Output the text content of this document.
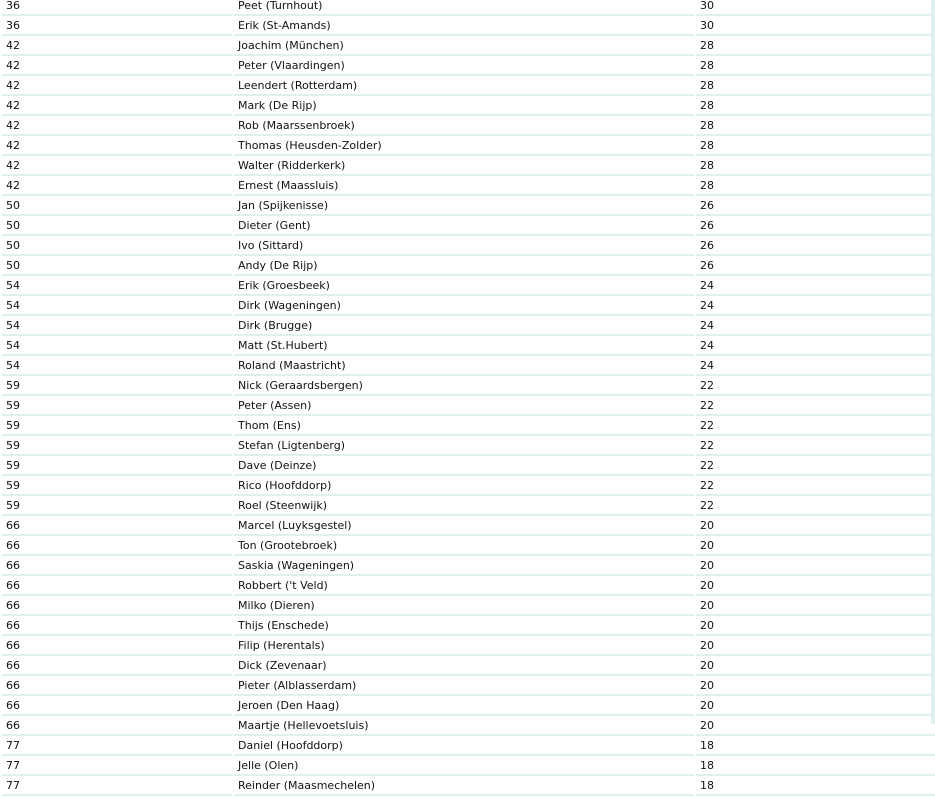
36	Peet (Turnhout)	30
36	Erik (St-Amands)	30
42	Joachim (München)	28
42	Peter (Vlaardingen)	28
42	Leendert (Rotterdam)	28
42	Mark (De Rijp)	28
42	Rob (Maarssenbroek)	28
42	Thomas (Heusden-Zolder)	28
42	Walter (Ridderkerk)	28
42	Ernest (Maassluis)	28
50	Jan (Spijkenisse)	26
50	Dieter (Gent)	26
50	Ivo (Sittard)	26
50	Andy (De Rijp)	26
54	Erik (Groesbeek)	24
54	Dirk (Wageningen)	24
54	Dirk (Brugge)	24
54	Matt (St.Hubert)	24
54	Roland (Maastricht)	24
59	Nick (Geraardsbergen)	22
59	Peter (Assen)	22
59	Thom (Ens)	22
59	Stefan (Ligtenberg)	22
59	Dave (Deinze)	22
59	Rico (Hoofddorp)	22
59	Roel (Steenwijk)	22
66	Marcel (Luyksgestel)	20
66	Ton (Grootebroek)	20
66	Saskia (Wageningen)	20
66	Robbert ('t Veld)	20
66	Milko (Dieren)	20
66	Thijs (Enschede)	20
66	Filip (Herentals)	20
66	Dick (Zevenaar)	20
66	Pieter (Alblasserdam)	20
66	Jeroen (Den Haag)	20
66	Maartje (Hellevoetsluis)	20
77	Daniel (Hoofddorp)	18
77	Jelle (Olen)	18
77	Reinder (Maasmechelen)	18
